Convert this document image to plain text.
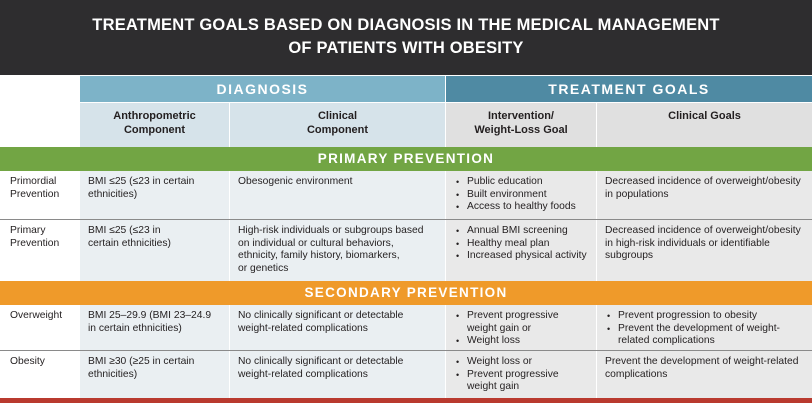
TREATMENT GOALS BASED ON DIAGNOSIS IN THE MEDICAL MANAGEMENT
OF PATIENTS WITH OBESITY
DIAGNOSIS	TREATMENT GOALS
Anthropometric
Component
Clinical
Component
Intervention/
Weight-Loss Goal
Clinical Goals
PRIMARY PREVENTION
Primordial
Prevention
BMI ≤25 (≤23 in certain
ethnicities)
Obesogenic environment
•	Public education
• Built environment
• Access to healthy foods
Decreased incidence of overweight/obesity
in populations
Primary
Prevention
BMI ≤25 (≤23 in
certain ethnicities)
High-risk individuals or subgroups based
on individual or cultural behaviors,
ethnicity, family history, biomarkers,
or genetics
• Annual BMI screening
• Healthy meal plan
• Increased physical activity
Decreased incidence of overweight/obesity
in high-risk individuals or identifiable
subgroups
SECONDARY PREVENTION
Overweight	BMI 25–29.9 (BMI 23–24.9
in certain ethnicities)
No clinically significant or detectable
weight-related complications
• Prevent progressive
weight gain or
• Weight loss
• Prevent progression to obesity
• Prevent the development of weight-
related complications
Obesity	BMI ≥30 (≥25 in certain
ethnicities)
No clinically significant or detectable
weight-related complications
• Weight loss or
• Prevent progressive
weight gain
Prevent the development of weight-related
complications
